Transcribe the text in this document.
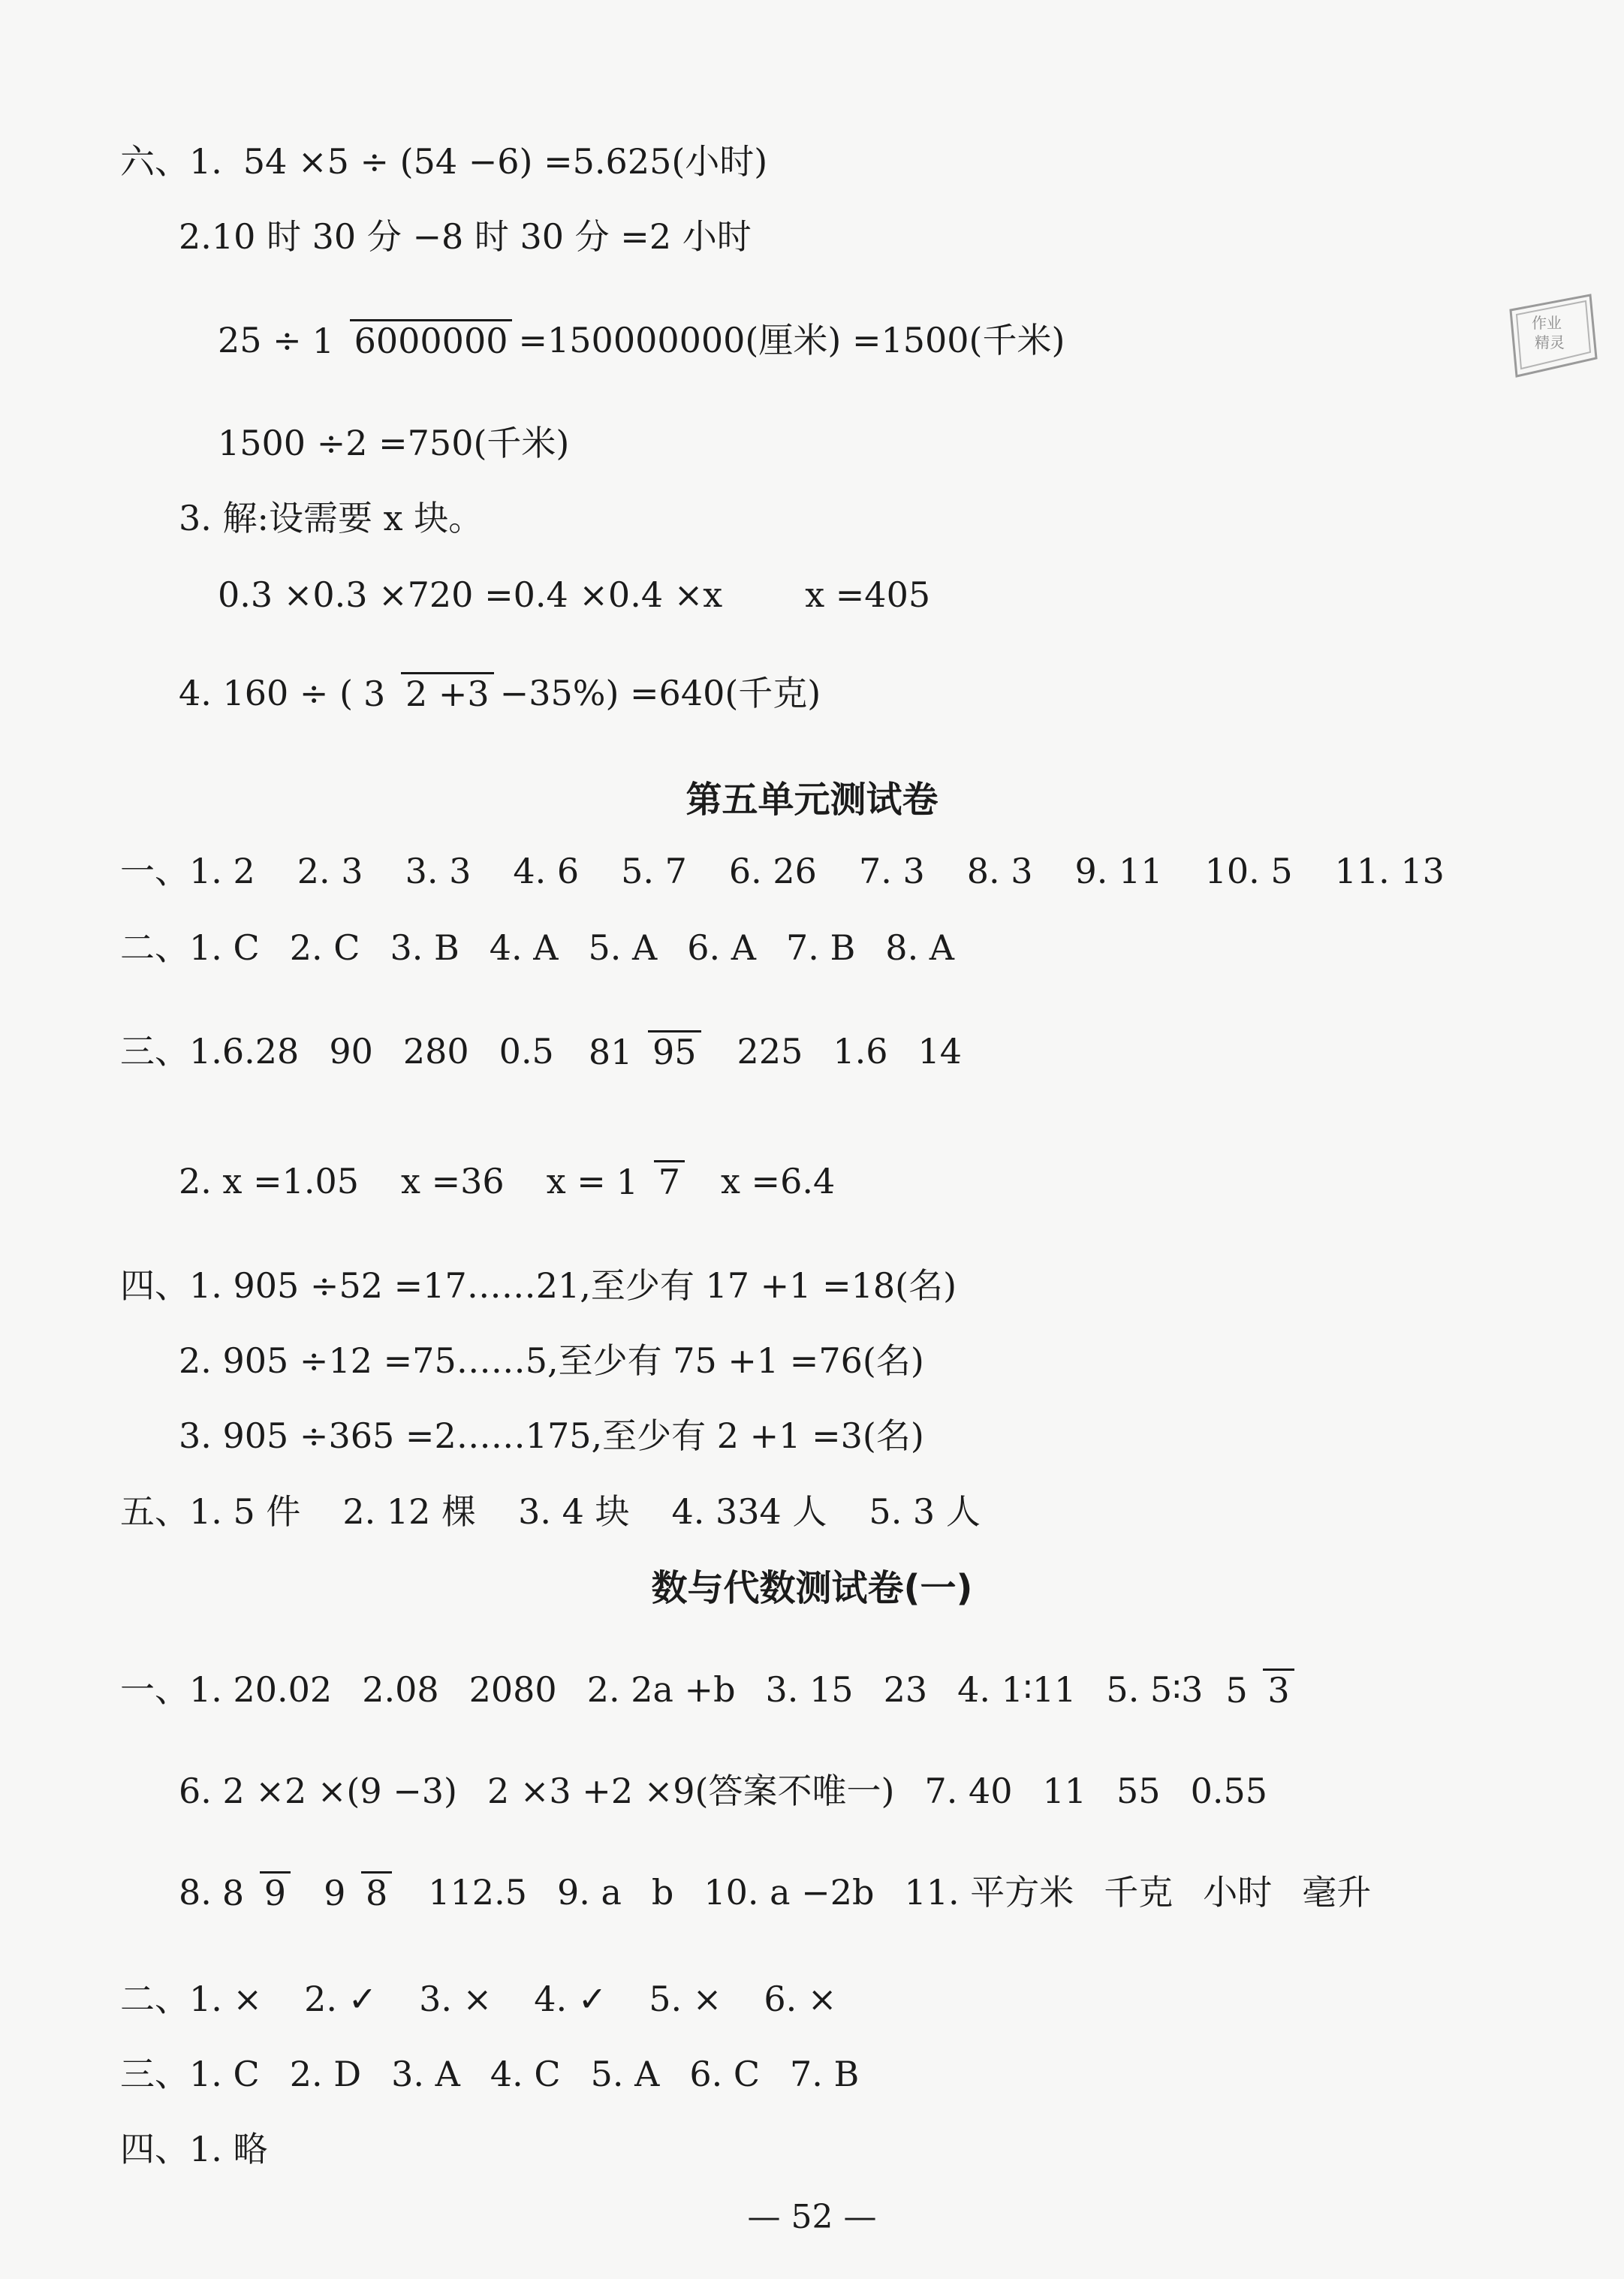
六、1. 54 ×5 ÷ (54 −6) =5.625(小时)
2.10 时 30 分 −8 时 30 分 =2 小时
25 ÷ 1 6000000 =150000000(厘米) =1500(千米)
1500 ÷2 =750(千米)
3. 解:设需要 x 块。
0.3 ×0.3 ×720 =0.4 ×0.4 ×x x =405
4. 160 ÷ ( 3 2 +3 −35%) =640(千克)
第五单元测试卷
一、 1. 2 2. 3 3. 3 4. 6 5. 7 6. 26 7. 3 8. 3 9. 11 10. 5 11. 13
二、 1. C 2. C 3. B 4. A 5. A 6. A 7. B 8. A
三、 1.6.28 90 280 0.5 81 95 225 1.6 14
2. x =1.05 x =36 x = 1 7 x =6.4
四、1. 905 ÷52 =17……21,至少有 17 +1 =18(名)
2. 905 ÷12 =75……5,至少有 75 +1 =76(名)
3. 905 ÷365 =2……175,至少有 2 +1 =3(名)
五、 1. 5 件 2. 12 棵 3. 4 块 4. 334 人 5. 3 人
数与代数测试卷(一)
一、 1. 20.02 2.08 2080 2. 2a +b 3. 15 23 4. 1∶11 5. 5∶3 5 3
6. 2 ×2 ×(9 −3) 2 ×3 +2 ×9(答案不唯一) 7. 40 11 55 0.55
8. 8 9 9 8 112.5 9. a b 10. a −2b 11. 平方米 千克 小时 毫升
二、 1. × 2. ✓ 3. × 4. ✓ 5. × 6. ×
三、 1. C 2. D 3. A 4. C 5. A 6. C 7. B
四、1. 略
— 52 —
作业
精灵
